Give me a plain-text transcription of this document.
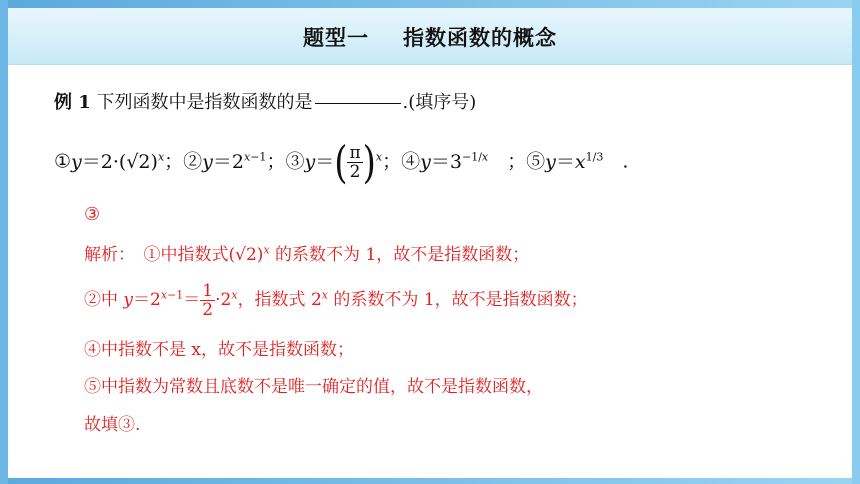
题型一 指数函数的概念
例 1 下列函数中是指数函数的是	.(填序号)
$①y=2\cdot(√2)^x$；$②y=2^{x-1}$；③y＝( $\frac{\pi}{2} )^x$；$④y=3^{-1/x}$　 ；$⑤y=x^{1/3}$　 .
③
解析：　①中指数式$(√2)^x$ 的系数不为 1，故不是指数函数；
②中 $y=2^{x-1}= \frac{1}{2} \cdot 2^x$，指数式 2$^x$ 的系数不为 1，故不是指数函数；
④中指数不是 x，故不是指数函数；
⑤中指数为常数且底数不是唯一确定的值，故不是指数函数，
故填③.
